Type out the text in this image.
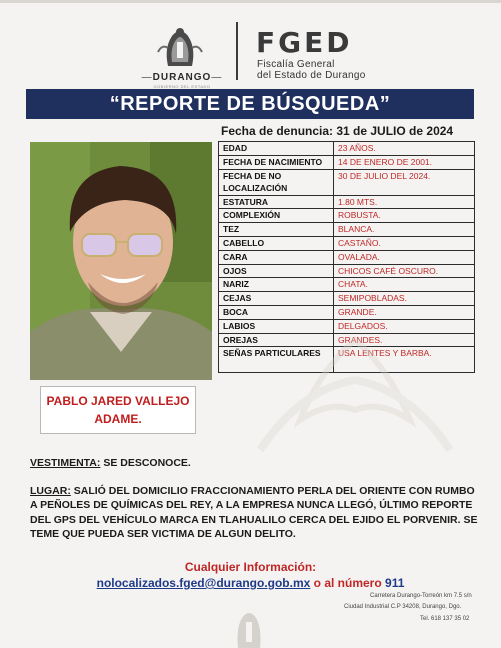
—DURANGO—
GOBIERNO DEL ESTADO
FGED
Fiscalía General
del Estado de Durango
“REPORTE DE BÚSQUEDA”
Fecha de denuncia: 31 de JULIO de 2024
EDAD	23 AÑOS.
FECHA DE NACIMIENTO	14 DE ENERO DE 2001.
FECHA DE NO LOCALIZACIÓN	30 DE JULIO DEL 2024.
ESTATURA	1.80 MTS.
COMPLEXIÓN	ROBUSTA.
TEZ	BLANCA.
CABELLO	CASTAÑO.
CARA	OVALADA.
OJOS	CHICOS CAFÉ OSCURO.
NARIZ	CHATA.
CEJAS	SEMIPOBLADAS.
BOCA	GRANDE.
LABIOS	DELGADOS.
OREJAS	GRANDES.
SEÑAS PARTICULARES	USA LENTES Y BARBA.
PABLO JARED VALLEJO
ADAME.
VESTIMENTA: SE DESCONOCE.
LUGAR: SALIÓ DEL DOMICILIO FRACCIONAMIENTO PERLA DEL ORIENTE CON RUMBO A PEÑOLES DE QUÍMICAS DEL REY, A LA EMPRESA NUNCA LLEGÓ, ÚLTIMO REPORTE DEL GPS DEL VEHÍCULO MARCA EN TLAHUALILO CERCA DEL EJIDO EL PORVENIR. SE TEME QUE PUEDA SER VICTIMA DE ALGUN DELITO.
Cualquier Información:
nolocalizados.fged@durango.gob.mx o al número 911
Carretera Durango-Torreón km 7.5 s/n
Ciudad Industrial C.P 34208, Durango, Dgo.
Tel. 618 137 35 02
